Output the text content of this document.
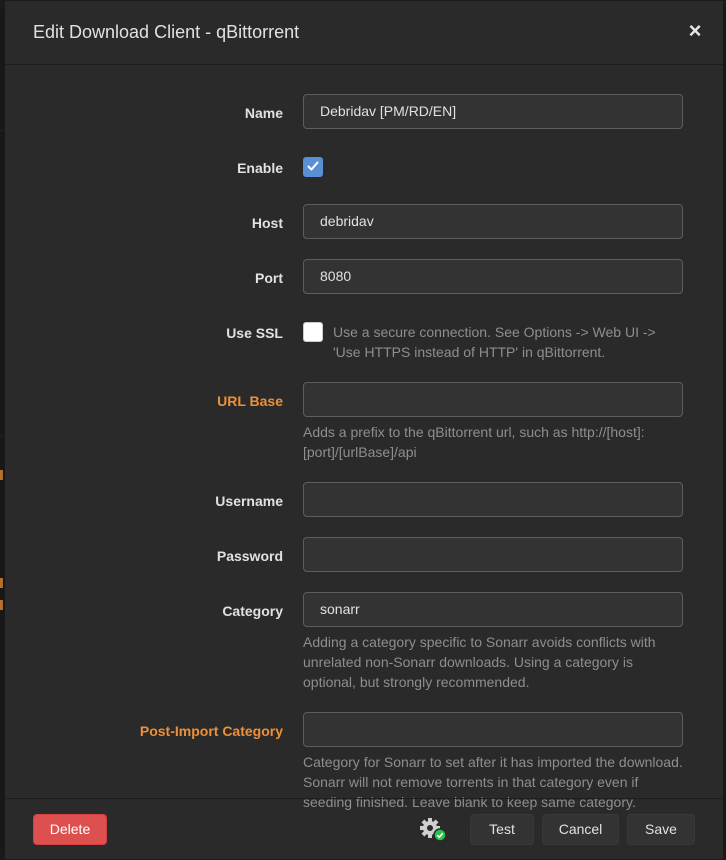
Edit Download Client - qBittorrent	×
Name	Debridav [PM/RD/EN]
Enable
Host	debridav
Port	8080
Use SSL	Use a secure connection. See Options -> Web UI -> 'Use HTTPS instead of HTTP' in qBittorrent.
URL Base
Adds a prefix to the qBittorrent url, such as http://[host]:[port]/[urlBase]/api
Username
Password
Category	sonarr
Adding a category specific to Sonarr avoids conflicts with unrelated non-Sonarr downloads. Using a category is optional, but strongly recommended.
Post-Import Category
Category for Sonarr to set after it has imported the download. Sonarr will not remove torrents in that category even if seeding finished. Leave blank to keep same category.
Delete	Test	Cancel	Save
